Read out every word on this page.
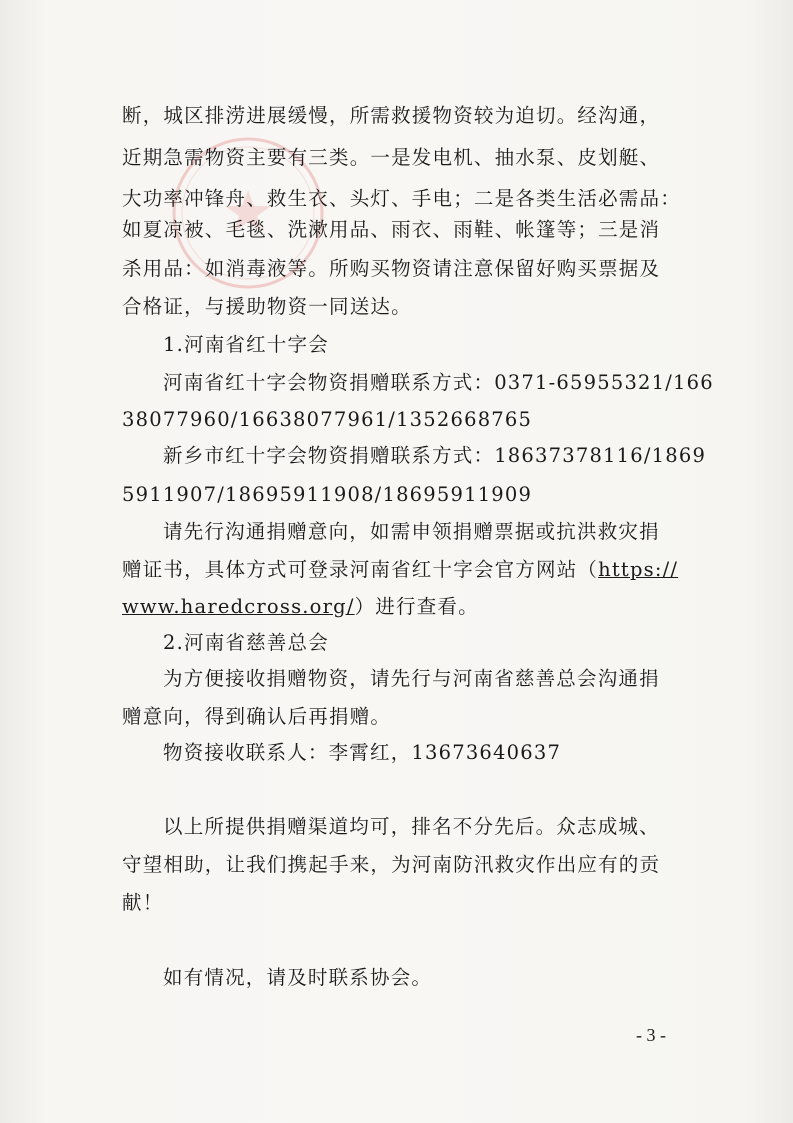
断，城区排涝进展缓慢，所需救援物资较为迫切。经沟通，
近期急需物资主要有三类。一是发电机、抽水泵、皮划艇、
大功率冲锋舟、救生衣、头灯、手电；二是各类生活必需品：
如夏凉被、毛毯、洗漱用品、雨衣、雨鞋、帐篷等；三是消
杀用品：如消毒液等。所购买物资请注意保留好购买票据及
合格证，与援助物资一同送达。
1.河南省红十字会
河南省红十字会物资捐赠联系方式：0371-65955321/166
38077960/16638077961/1352668765
新乡市红十字会物资捐赠联系方式：18637378116/1869
5911907/18695911908/18695911909
请先行沟通捐赠意向，如需申领捐赠票据或抗洪救灾捐
赠证书，具体方式可登录河南省红十字会官方网站（https://
www.haredcross.org/）进行查看。
2.河南省慈善总会
为方便接收捐赠物资，请先行与河南省慈善总会沟通捐
赠意向，得到确认后再捐赠。
物资接收联系人：李霄红，13673640637
以上所提供捐赠渠道均可，排名不分先后。众志成城、
守望相助，让我们携起手来，为河南防汛救灾作出应有的贡
献！
如有情况，请及时联系协会。
- 3 -
